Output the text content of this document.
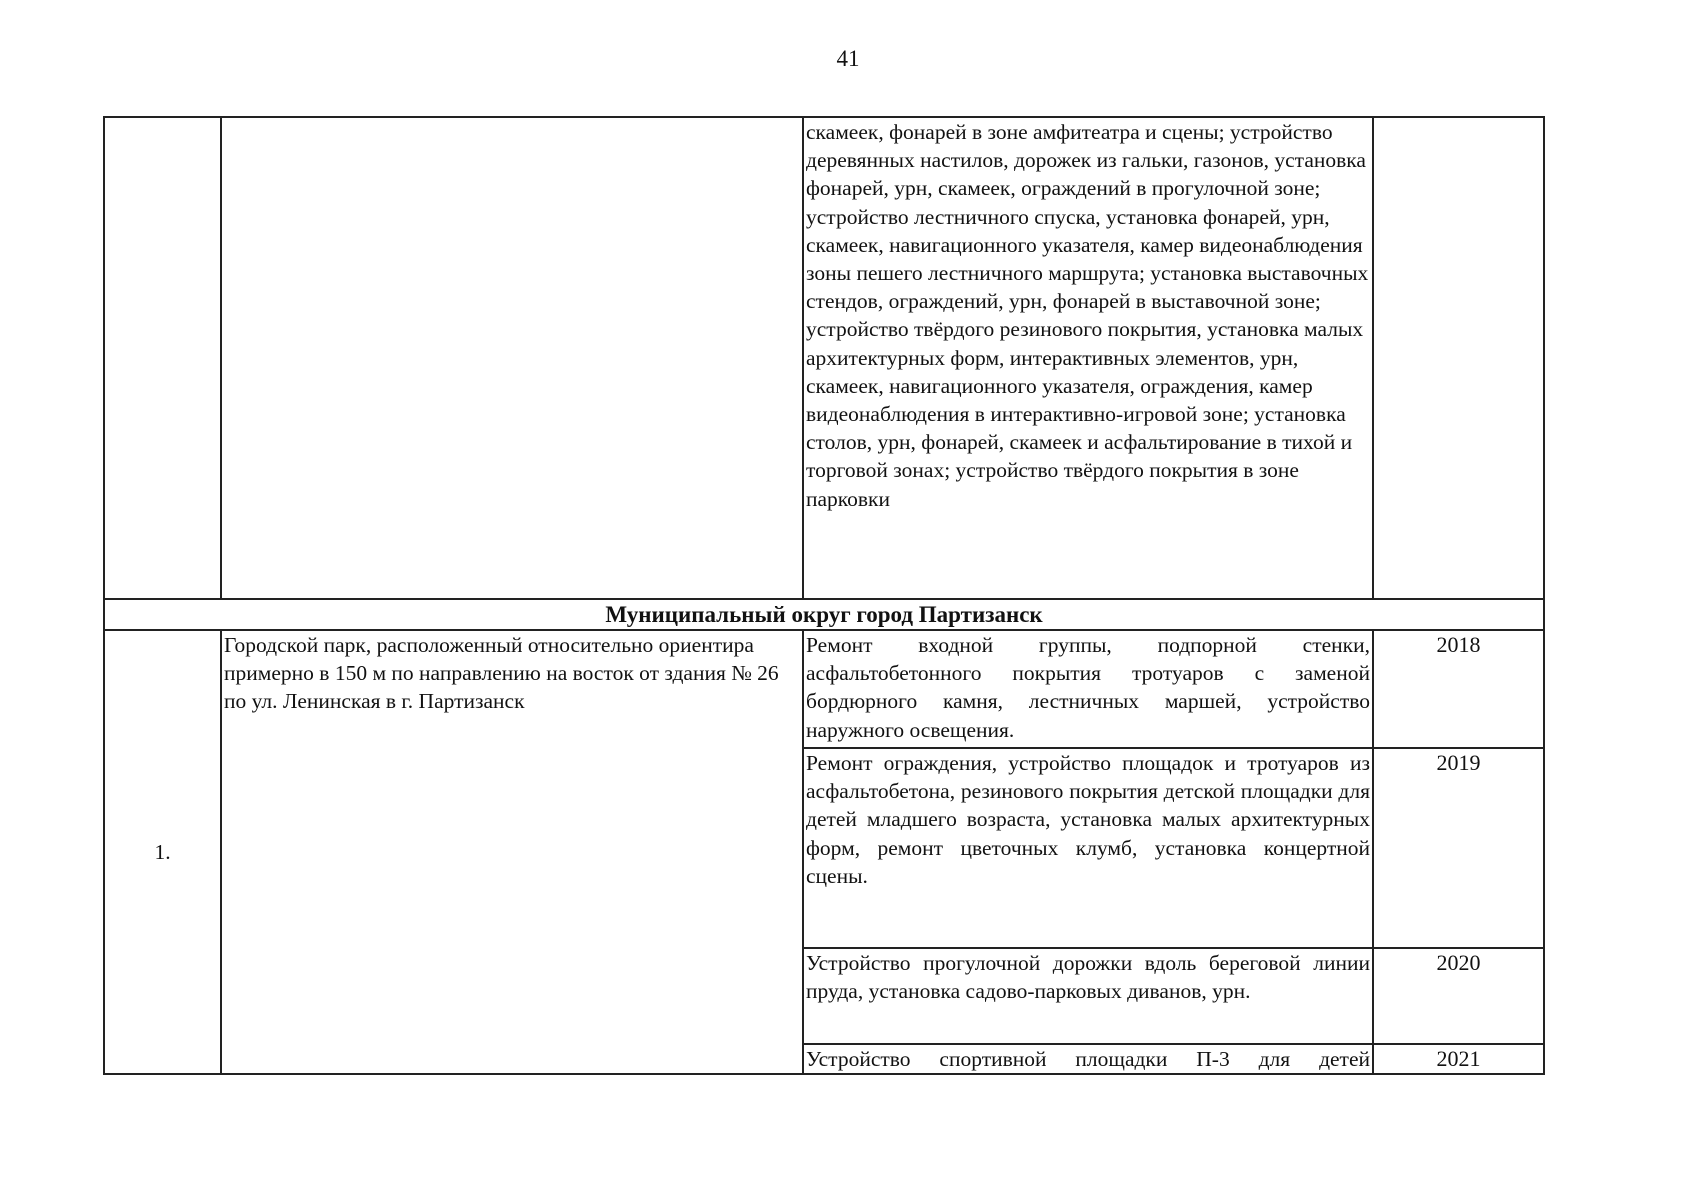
41

		скамеек, фонарей в зоне амфитеатра и сцены; устройство деревянных настилов, дорожек из гальки, газонов, установка фонарей, урн, скамеек, ограждений в прогулочной зоне; устройство лестничного спуска, установка фонарей, урн, скамеек, навигационного указателя, камер видеонаблюдения зоны пешего лестничного маршрута; установка выставочных стендов, ограждений, урн, фонарей в выставочной зоне; устройство твёрдого резинового покрытия, установка малых архитектурных форм, интерактивных элементов, урн, скамеек, навигационного указателя, ограждения, камер видеонаблюдения в интерактивно-игровой зоне; установка столов, урн, фонарей, скамеек и асфальтирование в тихой и торговой зонах; устройство твёрдого покрытия в зоне парковки	

Муниципальный округ город Партизанск			
1.	Городской парк, расположенный относительно ориентира примерно в 150 м по направлению на восток от здания № 26 по ул. Ленинская в г. Партизанск	Ремонт входной группы, подпорной стенки, асфальтобетонного покрытия тротуаров с заменой бордюрного камня, лестничных маршей, устройство наружного освещения.	2018

		Ремонт ограждения, устройство площадок и тротуаров из асфальтобетона, резинового покрытия детской площадки для детей младшего возраста, установка малых архитектурных форм, ремонт цветочных клумб, установка концертной сцены.	2019

		Устройство прогулочной дорожки вдоль береговой линии пруда, установка садово-парковых диванов, урн.	2020

		Устройство спортивной площадки П-3 для детей	2021
